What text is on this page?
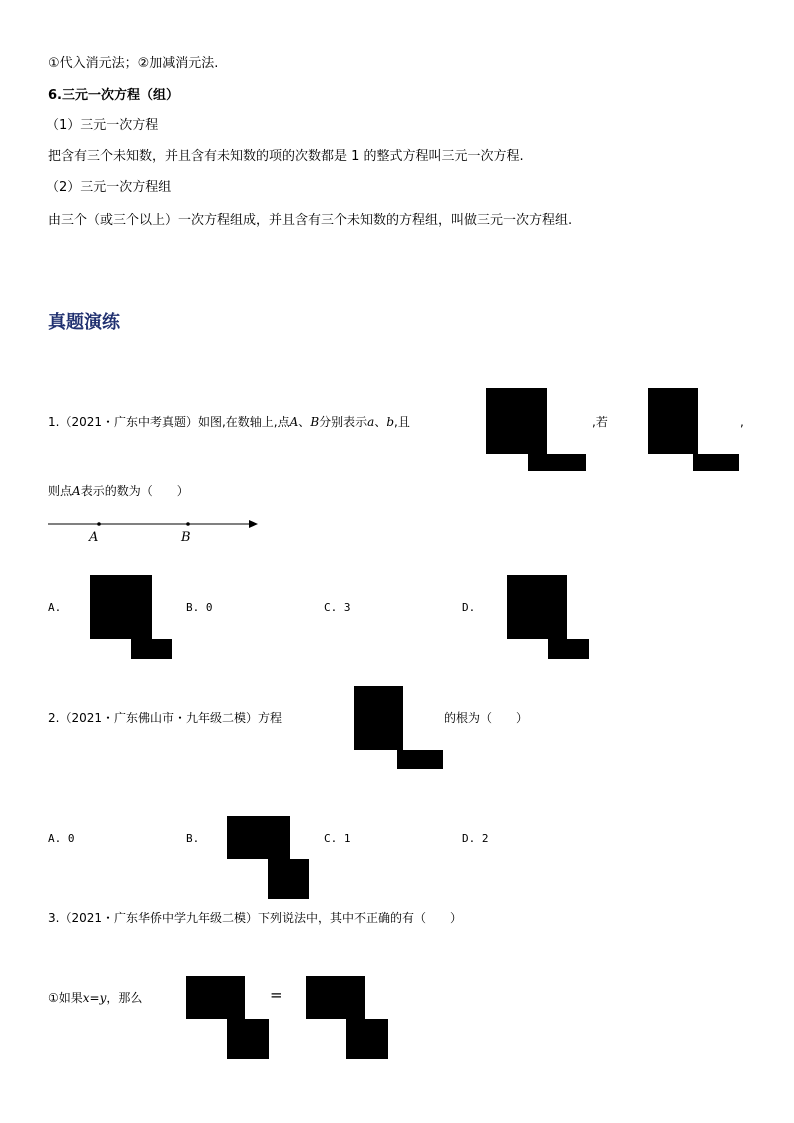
①代入消元法；②加减消元法.
6.三元一次方程（组）
（1）三元一次方程
把含有三个未知数，并且含有未知数的项的次数都是 1 的整式方程叫三元一次方程.
（2）三元一次方程组
由三个（或三个以上）一次方程组成，并且含有三个未知数的方程组，叫做三元一次方程组.
真题演练
1.（2021・广东中考真题）如图,在数轴上,点A、B分别表示a、b,且	,若	,
则点A表示的数为（　　）
A	B
A.	B. 0	C. 3	D.
2.（2021・广东佛山市・九年级二模）方程	的根为（　　）
A. 0	B.	C. 1	D. 2
3.（2021・广东华侨中学九年级二模）下列说法中，其中不正确的有（　　）
①如果x=y，那么	=
